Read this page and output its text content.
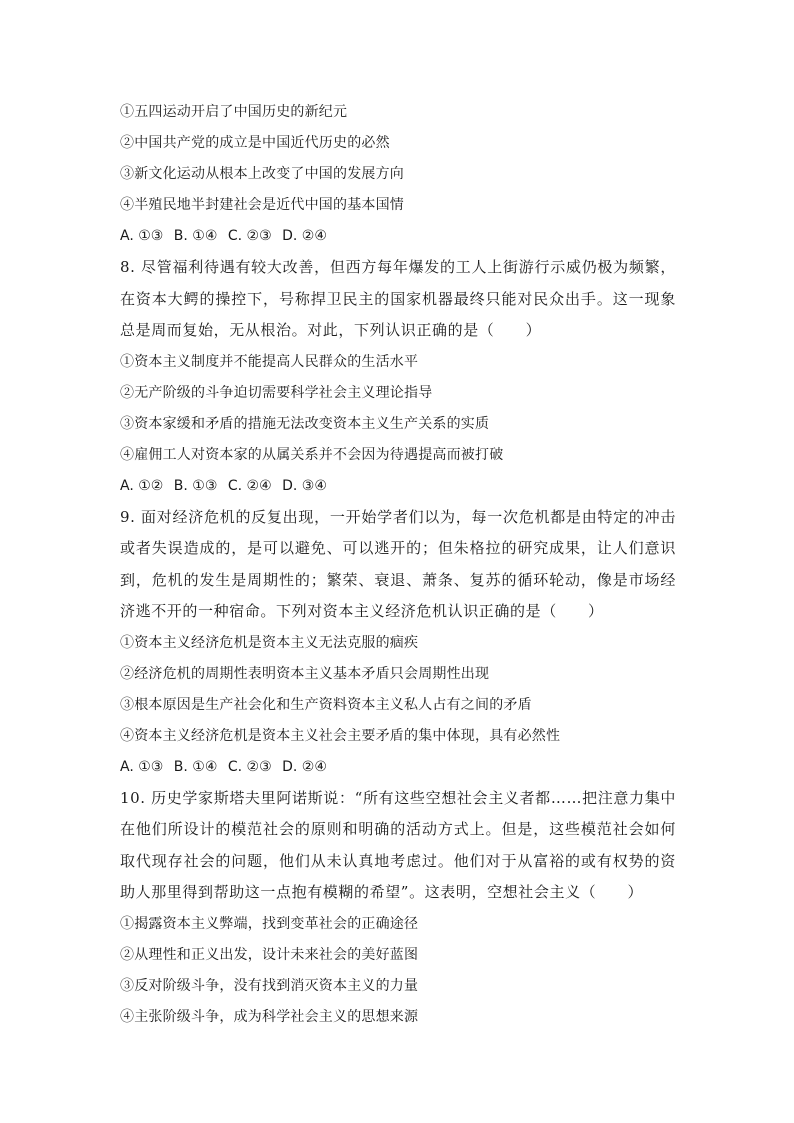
①五四运动开启了中国历史的新纪元
②中国共产党的成立是中国近代历史的必然
③新文化运动从根本上改变了中国的发展方向
④半殖民地半封建社会是近代中国的基本国情
A. ①③ B. ①④ C. ②③ D. ②④
8. 尽管福利待遇有较大改善，但西方每年爆发的工人上街游行示威仍极为频繁，在资本大鳄的操控下，号称捍卫民主的国家机器最终只能对民众出手。这一现象总是周而复始，无从根治。对此，下列认识正确的是（　　）
①资本主义制度并不能提高人民群众的生活水平
②无产阶级的斗争迫切需要科学社会主义理论指导
③资本家缓和矛盾的措施无法改变资本主义生产关系的实质
④雇佣工人对资本家的从属关系并不会因为待遇提高而被打破
A. ①② B. ①③ C. ②④ D. ③④
9. 面对经济危机的反复出现，一开始学者们以为，每一次危机都是由特定的冲击或者失误造成的，是可以避免、可以逃开的；但朱格拉的研究成果，让人们意识到，危机的发生是周期性的；繁荣、衰退、萧条、复苏的循环轮动，像是市场经济逃不开的一种宿命。下列对资本主义经济危机认识正确的是（　　）
①资本主义经济危机是资本主义无法克服的痼疾
②经济危机的周期性表明资本主义基本矛盾只会周期性出现
③根本原因是生产社会化和生产资料资本主义私人占有之间的矛盾
④资本主义经济危机是资本主义社会主要矛盾的集中体现，具有必然性
A. ①③ B. ①④ C. ②③ D. ②④
10. 历史学家斯塔夫里阿诺斯说：“所有这些空想社会主义者都……把注意力集中在他们所设计的模范社会的原则和明确的活动方式上。但是，这些模范社会如何取代现存社会的问题，他们从未认真地考虑过。他们对于从富裕的或有权势的资助人那里得到帮助这一点抱有模糊的希望”。这表明，空想社会主义（　　）
①揭露资本主义弊端，找到变革社会的正确途径
②从理性和正义出发，设计未来社会的美好蓝图
③反对阶级斗争，没有找到消灭资本主义的力量
④主张阶级斗争，成为科学社会主义的思想来源
